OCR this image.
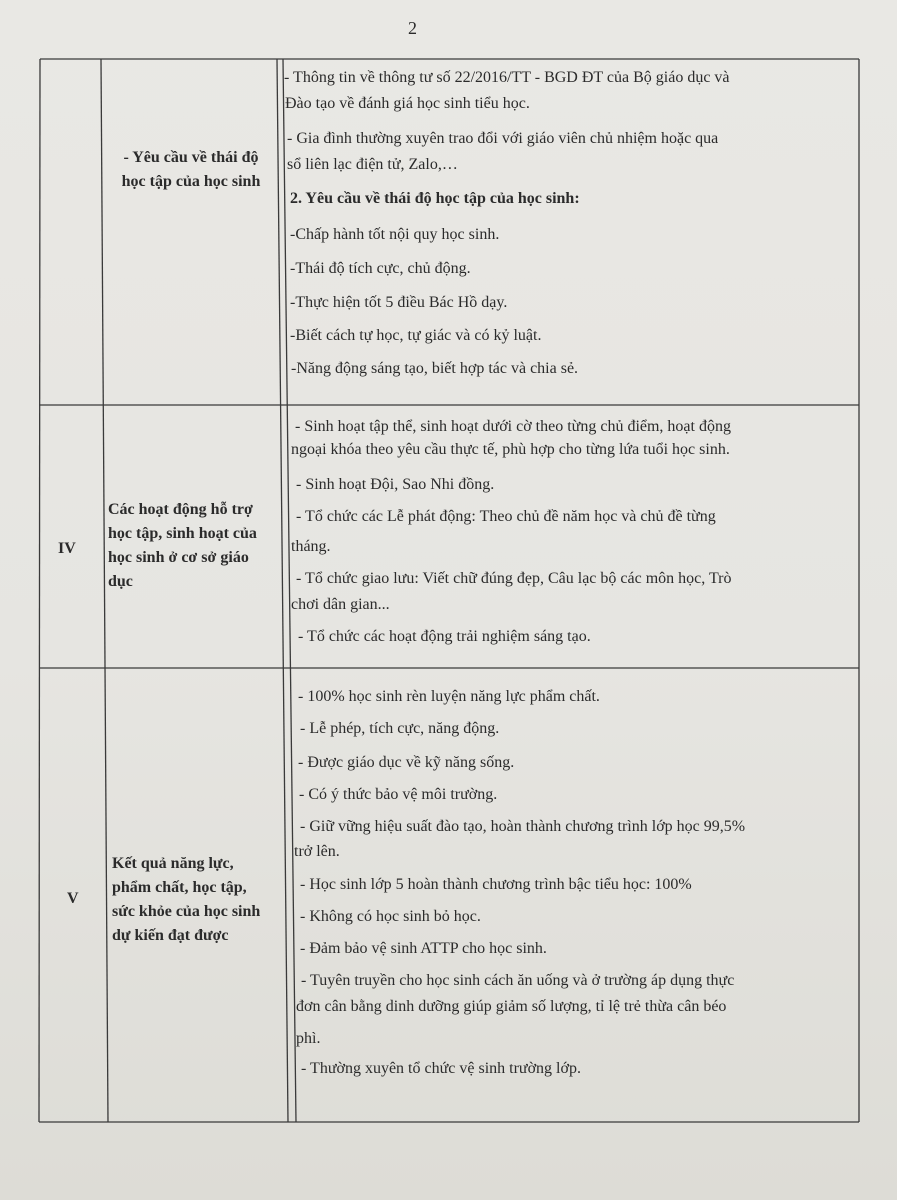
2
- Yêu cầu về thái độ
học tập của học sinh
- Thông tin về thông tư số 22/2016/TT - BGD ĐT của Bộ giáo dục và
Đào tạo về đánh giá học sinh tiểu học.
- Gia đình thường xuyên trao đổi với giáo viên chủ nhiệm hoặc qua
sổ liên lạc điện tử, Zalo,…
2. Yêu cầu về thái độ học tập của học sinh:
-Chấp hành tốt nội quy học sinh.
-Thái độ tích cực, chủ động.
-Thực hiện tốt 5 điều Bác Hồ dạy.
-Biết cách tự học, tự giác và có kỷ luật.
-Năng động sáng tạo, biết hợp tác và chia sẻ.
IV
Các hoạt động hỗ trợ
học tập, sinh hoạt của
học sinh ở cơ sở giáo
dục
- Sinh hoạt tập thể, sinh hoạt dưới cờ theo từng chủ điểm, hoạt động
ngoại khóa theo yêu cầu thực tế, phù hợp cho từng lứa tuổi học sinh.
- Sinh hoạt Đội, Sao Nhi đồng.
- Tổ chức các Lễ phát động: Theo chủ đề năm học và chủ đề từng
tháng.
- Tổ chức giao lưu: Viết chữ đúng đẹp, Câu lạc bộ các môn học, Trò
chơi dân gian...
- Tổ chức các hoạt động trải nghiệm sáng tạo.
V
Kết quả năng lực,
phẩm chất, học tập,
sức khỏe của học sinh
dự kiến đạt được
- 100% học sinh rèn luyện năng lực phẩm chất.
- Lễ phép, tích cực, năng động.
- Được giáo dục về kỹ năng sống.
- Có ý thức bảo vệ môi trường.
- Giữ vững hiệu suất đào tạo, hoàn thành chương trình lớp học 99,5%
trở lên.
- Học sinh lớp 5 hoàn thành chương trình bậc tiểu học: 100%
- Không có học sinh bỏ học.
- Đảm bảo vệ sinh ATTP cho học sinh.
- Tuyên truyền cho học sinh cách ăn uống và ở trường áp dụng thực
đơn cân bằng dinh dưỡng giúp giảm số lượng, tỉ lệ trẻ thừa cân béo
phì.
- Thường xuyên tổ chức vệ sinh trường lớp.
